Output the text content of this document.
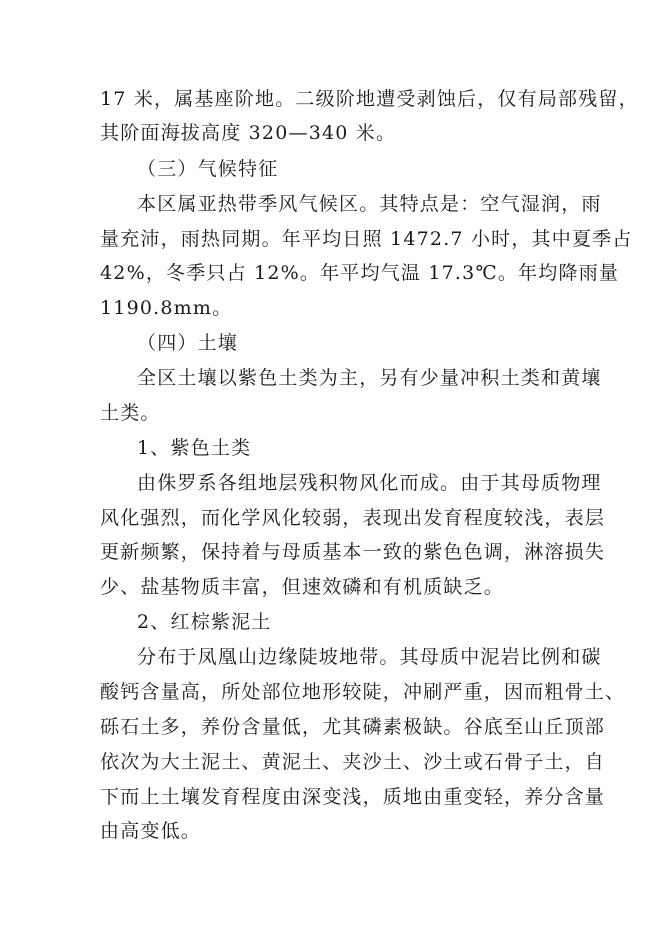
17 米，属基座阶地。二级阶地遭受剥蚀后，仅有局部残留，
其阶面海拔高度 320—340 米。
（三）气候特征
本区属亚热带季风气候区。其特点是：空气湿润，雨
量充沛，雨热同期。年平均日照 1472.7 小时，其中夏季占
42%，冬季只占 12%。年平均气温 17.3℃。年均降雨量
1190.8mm。
（四）土壤
全区土壤以紫色土类为主，另有少量冲积土类和黄壤
土类。
1、紫色土类
由侏罗系各组地层残积物风化而成。由于其母质物理
风化强烈，而化学风化较弱，表现出发育程度较浅，表层
更新频繁，保持着与母质基本一致的紫色色调，淋溶损失
少、盐基物质丰富，但速效磷和有机质缺乏。
2、红棕紫泥土
分布于凤凰山边缘陡坡地带。其母质中泥岩比例和碳
酸钙含量高，所处部位地形较陡，冲刷严重，因而粗骨土、
砾石土多，养份含量低，尤其磷素极缺。谷底至山丘顶部
依次为大土泥土、黄泥土、夹沙土、沙土或石骨子土，自
下而上土壤发育程度由深变浅，质地由重变轻，养分含量
由高变低。
